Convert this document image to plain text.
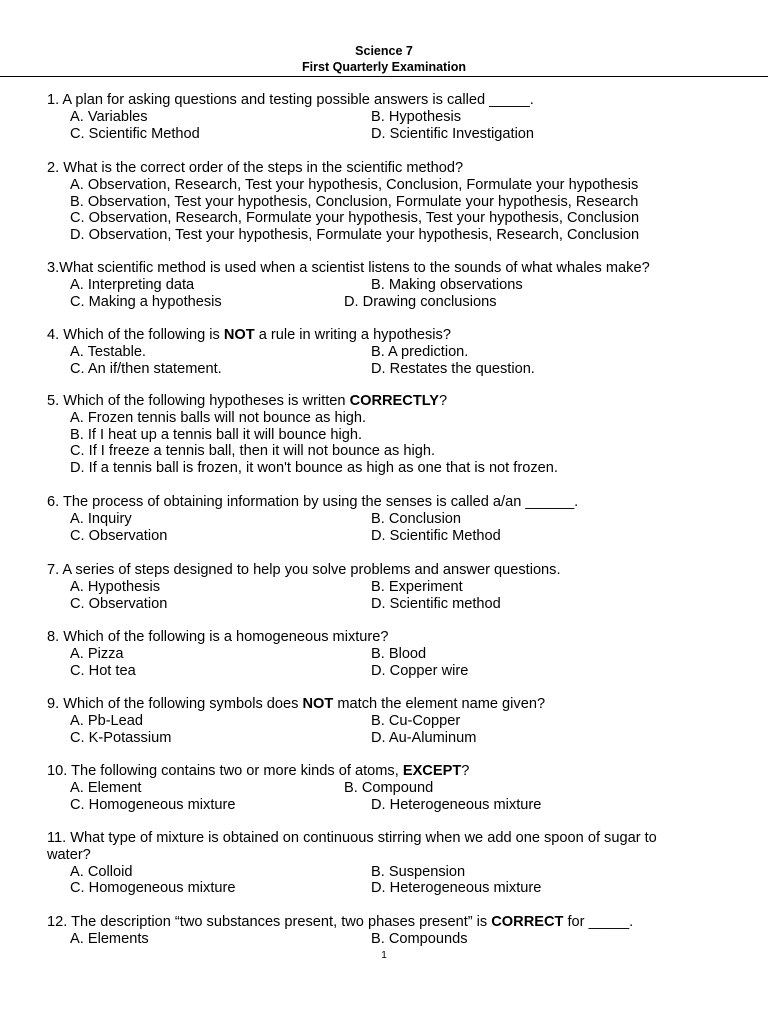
Science 7
First Quarterly Examination
1. A plan for asking questions and testing possible answers is called _____.
A. Variables	B. Hypothesis
C. Scientific Method	D. Scientific Investigation
2. What is the correct order of the steps in the scientific method?
A. Observation, Research, Test your hypothesis, Conclusion, Formulate your hypothesis
B. Observation, Test your hypothesis, Conclusion, Formulate your hypothesis, Research
C. Observation, Research, Formulate your hypothesis, Test your hypothesis, Conclusion
D. Observation, Test your hypothesis, Formulate your hypothesis, Research, Conclusion
3.What scientific method is used when a scientist listens to the sounds of what whales make?
A. Interpreting data	B. Making observations
C. Making a hypothesis	D. Drawing conclusions
4. Which of the following is NOT a rule in writing a hypothesis?
A. Testable.	B. A prediction.
C. An if/then statement.	D. Restates the question.
5. Which of the following hypotheses is written CORRECTLY?
A. Frozen tennis balls will not bounce as high.
B. If I heat up a tennis ball it will bounce high.
C. If I freeze a tennis ball, then it will not bounce as high.
D. If a tennis ball is frozen, it won't bounce as high as one that is not frozen.
6. The process of obtaining information by using the senses is called a/an ______.
A. Inquiry	B. Conclusion
C. Observation	D. Scientific Method
7. A series of steps designed to help you solve problems and answer questions.
A. Hypothesis	B. Experiment
C. Observation	D. Scientific method
8. Which of the following is a homogeneous mixture?
A. Pizza	B. Blood
C. Hot tea	D. Copper wire
9. Which of the following symbols does NOT match the element name given?
A. Pb-Lead	B. Cu-Copper
C. K-Potassium	D. Au-Aluminum
10. The following contains two or more kinds of atoms, EXCEPT?
A. Element	B. Compound
C. Homogeneous mixture	D. Heterogeneous mixture
11. What type of mixture is obtained on continuous stirring when we add one spoon of sugar to
water?
A. Colloid	B. Suspension
C. Homogeneous mixture	D. Heterogeneous mixture
12. The description “two substances present, two phases present” is CORRECT for _____.
A. Elements	B. Compounds
1
